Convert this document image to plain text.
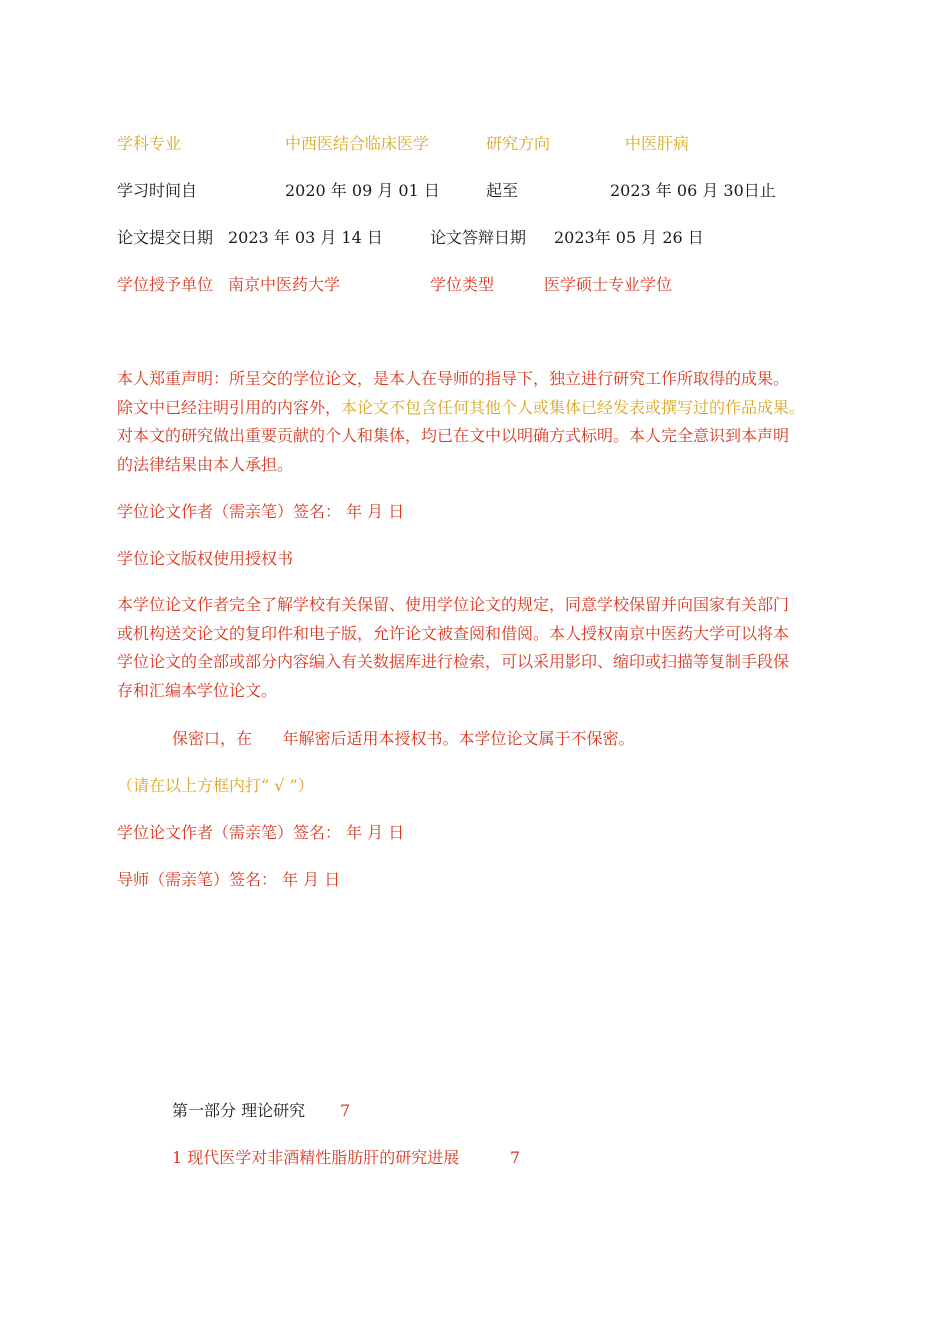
学科专业	中西医结合临床医学	研究方向	中医肝病
学习时间自	2020 年 09 月 01 日	起至	2023 年 06 月 30日止
论文提交日期 2023 年 03 月 14 日	论文答辩日期 2023年 05 月 26 日
学位授予单位 南京中医药大学	学位类型	医学硕士专业学位
本人郑重声明：所呈交的学位论文，是本人在导师的指导下，独立进行研究工作所取得的成果。
除文中已经注明引用的内容外，本论文不包含任何其他个人或集体已经发表或撰写过的作品成果。
对本文的研究做出重要贡献的个人和集体，均已在文中以明确方式标明。本人完全意识到本声明
的法律结果由本人承担。
学位论文作者（需亲笔）签名： 年 月 日
学位论文版权使用授权书
本学位论文作者完全了解学校有关保留、使用学位论文的规定，同意学校保留并向国家有关部门
或机构送交论文的复印件和电子版，允许论文被查阅和借阅。本人授权南京中医药大学可以将本
学位论文的全部或部分内容编入有关数据库进行检索，可以采用影印、缩印或扫描等复制手段保
存和汇编本学位论文。
保密口，在      年解密后适用本授权书。本学位论文属于不保密。
（请在以上方框内打“ √ ”）
学位论文作者（需亲笔）签名： 年 月 日
导师（需亲笔）签名： 年 月 日
第一部分 理论研究 7
1 现代医学对非酒精性脂肪肝的研究进展	7
